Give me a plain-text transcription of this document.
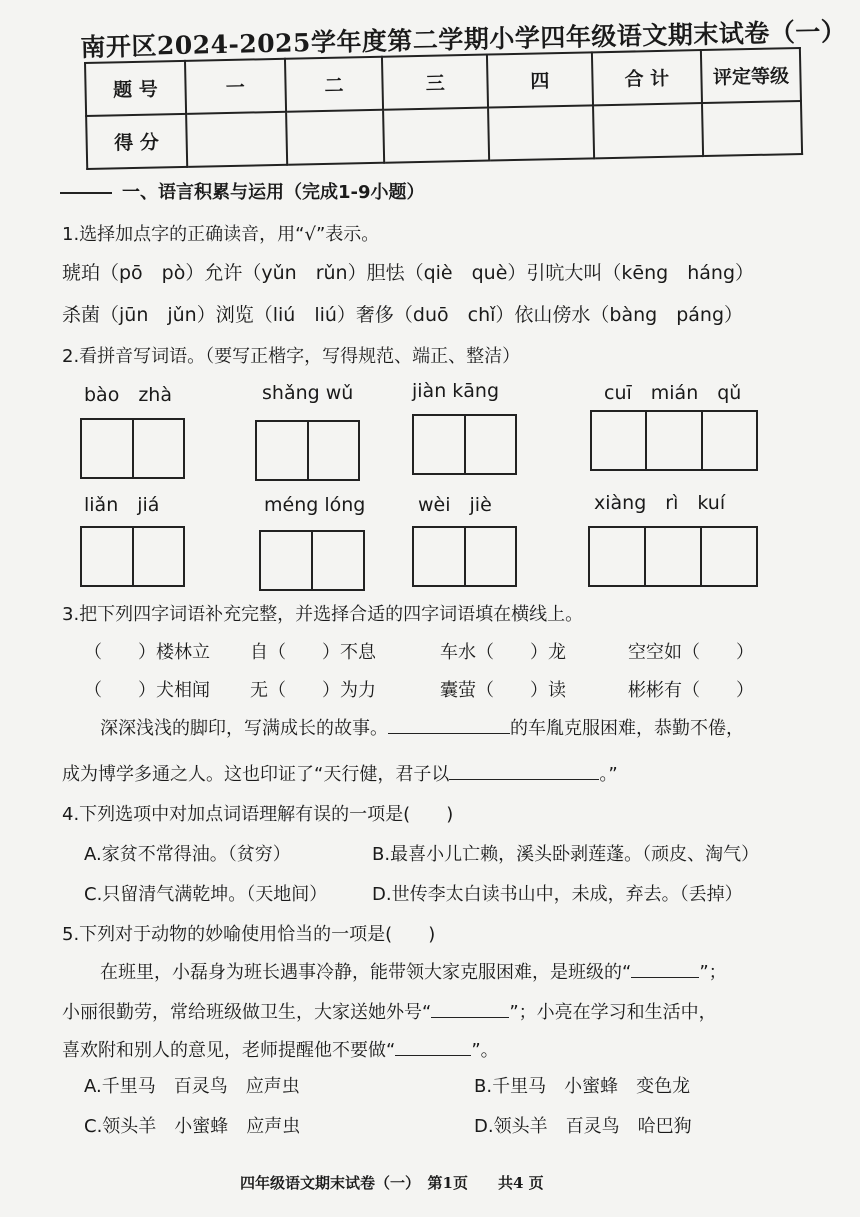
南开区2024-2025学年度第二学期小学四年级语文期末试卷（一）
题 号	一	二	三	四	合 计	评定等级
得 分						
一、语言积累与运用（完成1-9小题）
1.选择加点字的正确读音，用“√”表示。
琥珀（pō　pò）允许（yǔn　rǔn）胆怯（qiè　què）引吭大叫（kēng　háng）
杀菌（jūn　jǔn）浏览（liú　liú）奢侈（duō　chǐ）依山傍水（bàng　páng）
2.看拼音写词语。（要写正楷字，写得规范、端正、整洁）
bào　zhà	shǎng wǔ	jiàn kāng	cuī　mián　qǔ
liǎn　jiá	méng lóng	wèi　jiè	xiàng　rì　kuí
3.把下列四字词语补充完整，并选择合适的四字词语填在横线上。
（　　）楼林立 自（　　）不息	车水（　　）龙	空空如（　　）
（　　）犬相闻 无（　　）为力	囊萤（　　）读	彬彬有（　　）
深深浅浅的脚印，写满成长的故事。	的车胤克服困难，恭勤不倦，
成为博学多通之人。这也印证了“天行健，君子以	。”
4.下列选项中对加点词语理解有误的一项是(　　)
A.家贫不常得油。（贫穷）	B.最喜小儿亡赖，溪头卧剥莲蓬。（顽皮、淘气）
C.只留清气满乾坤。（天地间） D.世传李太白读书山中，未成，弃去。（丢掉）
5.下列对于动物的妙喻使用恰当的一项是(　　)
在班里，小磊身为班长遇事冷静，能带领大家克服困难，是班级的“	”；
小丽很勤劳，常给班级做卫生，大家送她外号“	”；小亮在学习和生活中，
喜欢附和别人的意见，老师提醒他不要做“	”。
A.千里马　百灵鸟　应声虫	B.千里马　小蜜蜂　变色龙
C.领头羊　小蜜蜂　应声虫	D.领头羊　百灵鸟　哈巴狗
四年级语文期末试卷（一）　第1页　　共4 页
